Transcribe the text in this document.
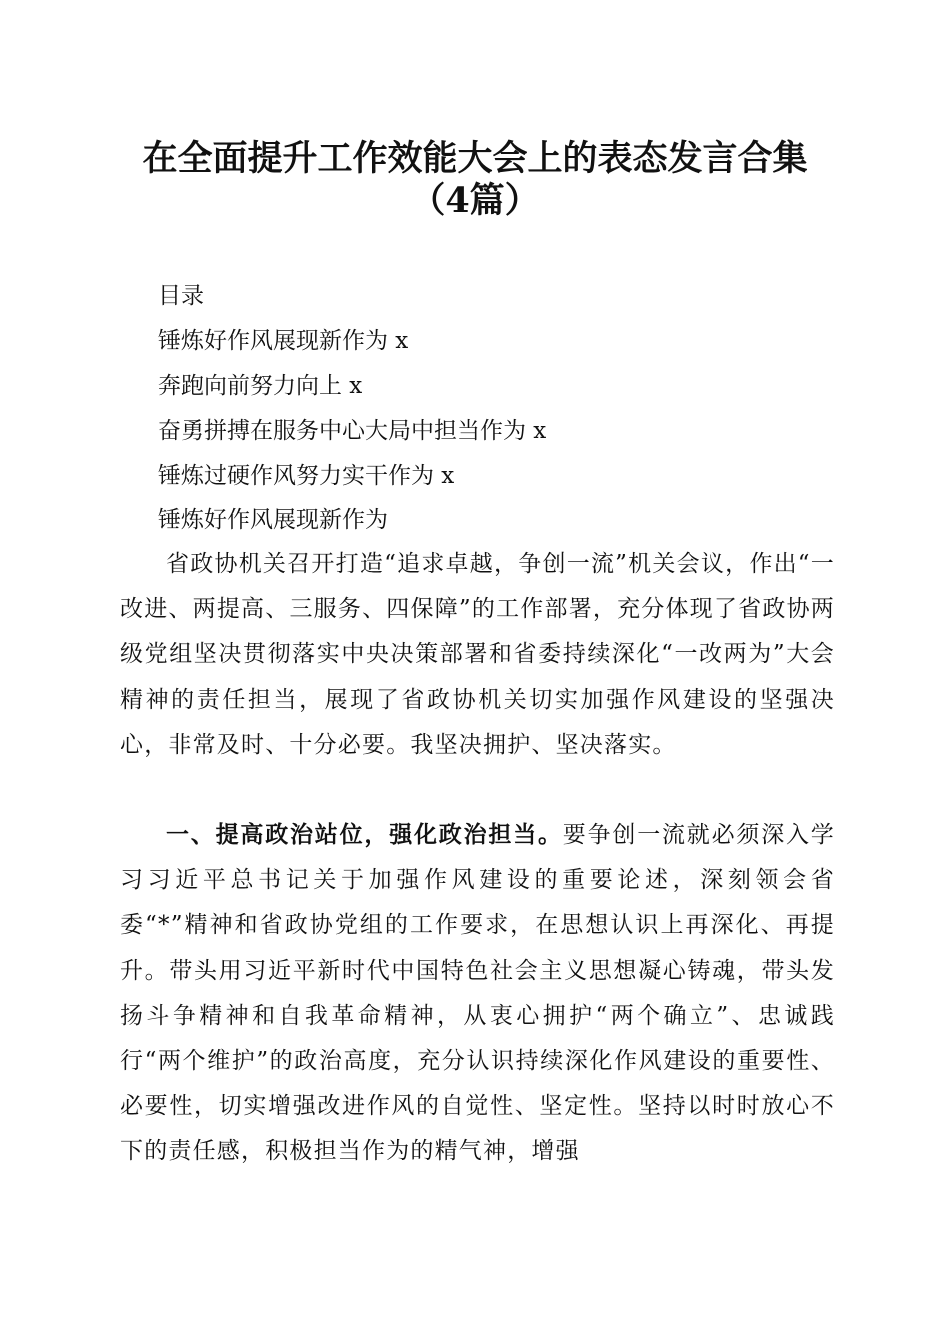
在全面提升工作效能大会上的表态发言合集
（4篇）

目录

锤炼好作风展现新作为 x

奔跑向前努力向上 x

奋勇拼搏在服务中心大局中担当作为 x

锤炼过硬作风努力实干作为 x

锤炼好作风展现新作为

省政协机关召开打造“追求卓越，争创一流”机关会议，作出“一改进、两提高、三服务、四保障”的工作部署，充分体现了省政协两级党组坚决贯彻落实中央决策部署和省委持续深化“一改两为”大会精神的责任担当，展现了省政协机关切实加强作风建设的坚强决心，非常及时、十分必要。我坚决拥护、坚决落实。

一、提高政治站位，强化政治担当。要争创一流就必须深入学习习近平总书记关于加强作风建设的重要论述，深刻领会省委“*”精神和省政协党组的工作要求，在思想认识上再深化、再提升。带头用习近平新时代中国特色社会主义思想凝心铸魂，带头发扬斗争精神和自我革命精神，从衷心拥护“两个确立”、忠诚践行“两个维护”的政治高度，充分认识持续深化作风建设的重要性、必要性，切实增强改进作风的自觉性、坚定性。坚持以时时放心不下的责任感，积极担当作为的精气神，增强
